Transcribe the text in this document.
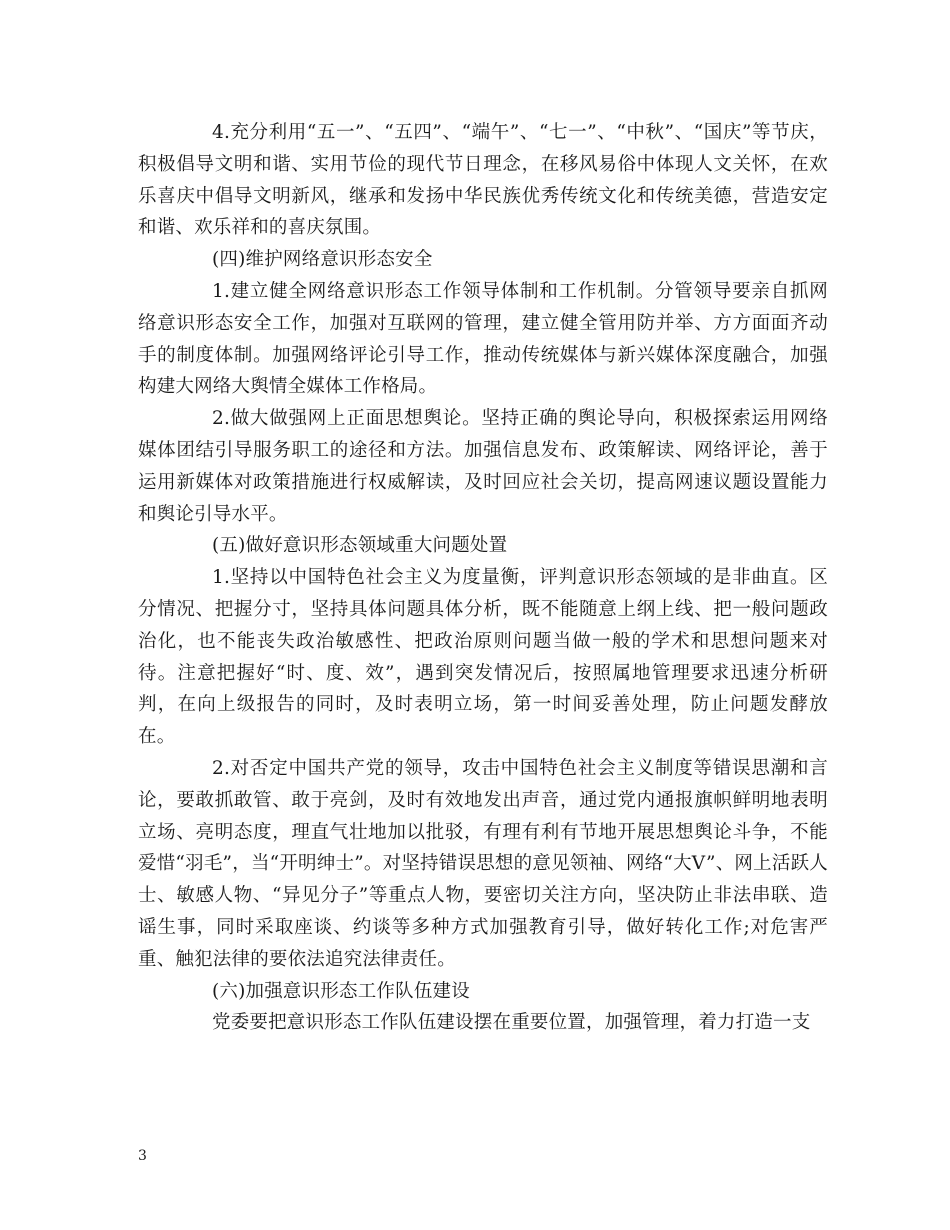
4.充分利用“五一”、“五四”、“端午”、“七一”、“中秋”、“国庆”等节庆，积极倡导文明和谐、实用节俭的现代节日理念，在移风易俗中体现人文关怀，在欢乐喜庆中倡导文明新风，继承和发扬中华民族优秀传统文化和传统美德，营造安定和谐、欢乐祥和的喜庆氛围。

(四)维护网络意识形态安全

1.建立健全网络意识形态工作领导体制和工作机制。分管领导要亲自抓网络意识形态安全工作，加强对互联网的管理，建立健全管用防并举、方方面面齐动手的制度体制。加强网络评论引导工作，推动传统媒体与新兴媒体深度融合，加强构建大网络大舆情全媒体工作格局。

2.做大做强网上正面思想舆论。坚持正确的舆论导向，积极探索运用网络媒体团结引导服务职工的途径和方法。加强信息发布、政策解读、网络评论，善于运用新媒体对政策措施进行权威解读，及时回应社会关切，提高网速议题设置能力和舆论引导水平。

(五)做好意识形态领域重大问题处置

1.坚持以中国特色社会主义为度量衡，评判意识形态领域的是非曲直。区分情况、把握分寸，坚持具体问题具体分析，既不能随意上纲上线、把一般问题政治化，也不能丧失政治敏感性、把政治原则问题当做一般的学术和思想问题来对待。注意把握好“时、度、效”，遇到突发情况后，按照属地管理要求迅速分析研判，在向上级报告的同时，及时表明立场，第一时间妥善处理，防止问题发酵放在。

2.对否定中国共产党的领导，攻击中国特色社会主义制度等错误思潮和言论，要敢抓敢管、敢于亮剑，及时有效地发出声音，通过党内通报旗帜鲜明地表明立场、亮明态度，理直气壮地加以批驳，有理有利有节地开展思想舆论斗争，不能爱惜“羽毛”，当“开明绅士”。对坚持错误思想的意见领袖、网络“大V”、网上活跃人士、敏感人物、“异见分子”等重点人物，要密切关注方向，坚决防止非法串联、造谣生事，同时采取座谈、约谈等多种方式加强教育引导，做好转化工作;对危害严重、触犯法律的要依法追究法律责任。

(六)加强意识形态工作队伍建设

党委要把意识形态工作队伍建设摆在重要位置，加强管理，着力打造一支

3
